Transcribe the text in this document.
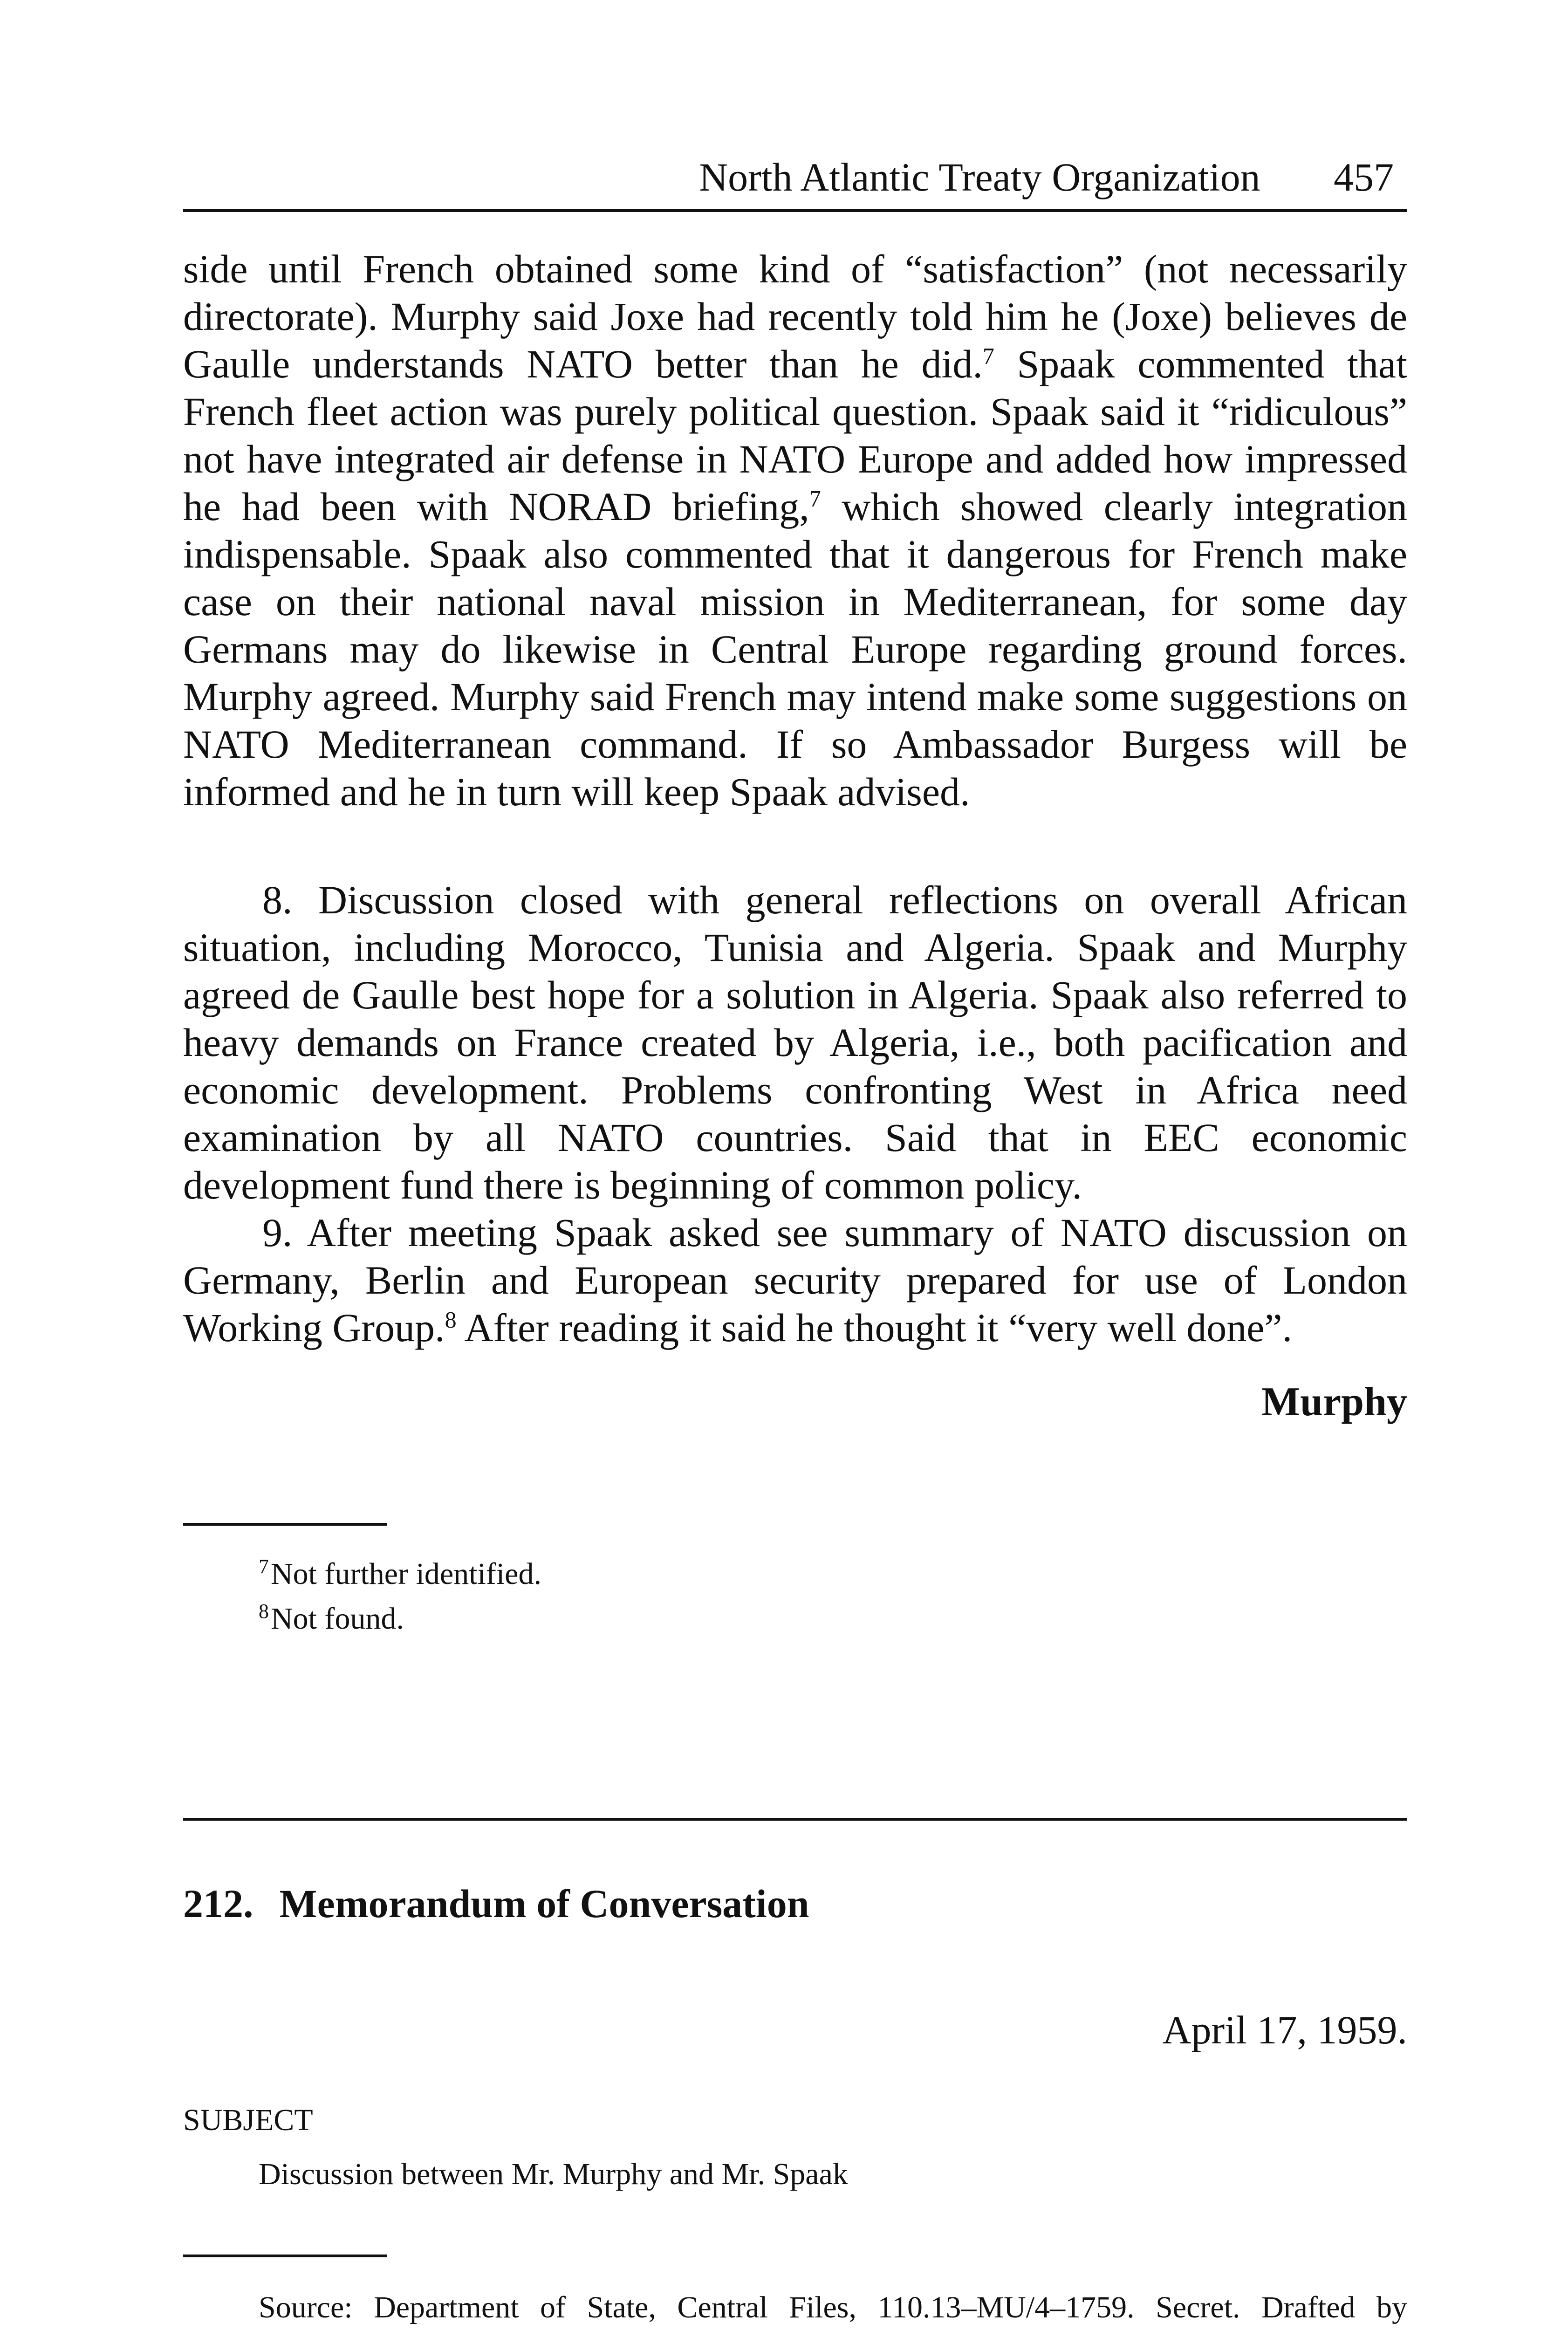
North Atlantic Treaty Organization 457

side until French obtained some kind of “satisfaction” (not necessarily directorate). Murphy said Joxe had recently told him he (Joxe) believes de Gaulle understands NATO better than he did.$^7$ Spaak commented that French fleet action was purely political question. Spaak said it “ridiculous” not have integrated air defense in NATO Europe and added how impressed he had been with NORAD briefing,$^7$ which showed clearly integration indispensable. Spaak also commented that it dangerous for French make case on their national naval mission in Mediterranean, for some day Germans may do likewise in Central Europe regarding ground forces. Murphy agreed. Murphy said French may intend make some suggestions on NATO Mediterranean command. If so Ambassador Burgess will be informed and he in turn will keep Spaak advised.

8. Discussion closed with general reflections on overall African situation, including Morocco, Tunisia and Algeria. Spaak and Murphy agreed de Gaulle best hope for a solution in Algeria. Spaak also referred to heavy demands on France created by Algeria, i.e., both pacification and economic development. Problems confronting West in Africa need examination by all NATO countries. Said that in EEC economic development fund there is beginning of common policy.

9. After meeting Spaak asked see summary of NATO discussion on Germany, Berlin and European security prepared for use of London Working Group.$^8$ After reading it said he thought it “very well done”.

Murphy
$^7$Not further identified.
$^8$Not found.
212. Memorandum of Conversation
April 17, 1959.
SUBJECT
Discussion between Mr. Murphy and Mr. Spaak

Source: Department of State, Central Files, 110.13–MU/4–1759. Secret. Drafted by
